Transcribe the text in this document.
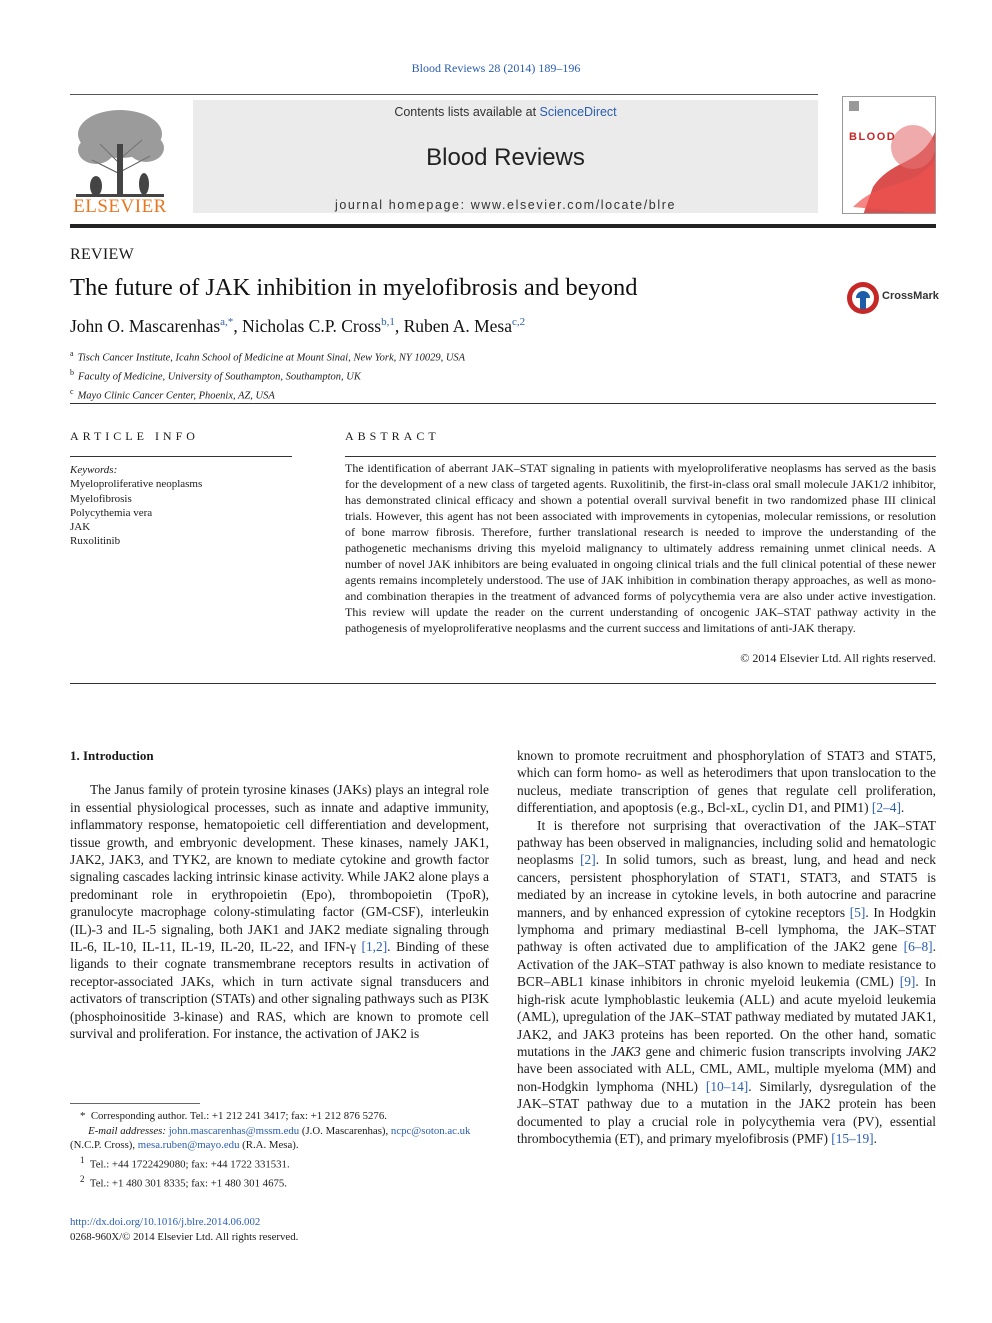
Blood Reviews 28 (2014) 189–196
ELSEVIER
Contents lists available at ScienceDirect
Blood Reviews
journal homepage: www.elsevier.com/locate/blre
BLOOD
REVIEW
The future of JAK inhibition in myelofibrosis and beyond	CrossMark
John O. Mascarenhas$^{a,*}$, Nicholas C.P. Cross$^{b,1}$, Ruben A. Mesa$^{c,2}$
$^a$ Tisch Cancer Institute, Icahn School of Medicine at Mount Sinai, New York, NY 10029, USA
$^b$ Faculty of Medicine, University of Southampton, Southampton, UK
$^c$ Mayo Clinic Cancer Center, Phoenix, AZ, USA
ARTICLE INFO
Keywords:
Myeloproliferative neoplasms
Myelofibrosis
Polycythemia vera
JAK
Ruxolitinib
ABSTRACT
The identification of aberrant JAK–STAT signaling in patients with myeloproliferative neoplasms has served as the basis for the development of a new class of targeted agents. Ruxolitinib, the first-in-class oral small molecule JAK1/2 inhibitor, has demonstrated clinical efficacy and shown a potential overall survival benefit in two randomized phase III clinical trials. However, this agent has not been associated with improvements in cytopenias, molecular remissions, or resolution of bone marrow fibrosis. Therefore, further translational research is needed to improve the understanding of the pathogenetic mechanisms driving this myeloid malignancy to ultimately address remaining unmet clinical needs. A number of novel JAK inhibitors are being evaluated in ongoing clinical trials and the full clinical potential of these newer agents remains incompletely understood. The use of JAK inhibition in combination therapy approaches, as well as mono- and combination therapies in the treatment of advanced forms of polycythemia vera are also under active investigation. This review will update the reader on the current understanding of oncogenic JAK–STAT pathway activity in the pathogenesis of myeloproliferative neoplasms and the current success and limitations of anti-JAK therapy.
© 2014 Elsevier Ltd. All rights reserved.
1. Introduction

The Janus family of protein tyrosine kinases (JAKs) plays an integral role in essential physiological processes, such as innate and adaptive immunity, inflammatory response, hematopoietic cell differentiation and development, tissue growth, and embryonic development. These kinases, namely JAK1, JAK2, JAK3, and TYK2, are known to mediate cytokine and growth factor signaling cascades lacking intrinsic kinase activity. While JAK2 alone plays a predominant role in erythropoietin (Epo), thrombopoietin (TpoR), granulocyte macrophage colony-stimulating factor (GM-CSF), interleukin (IL)-3 and IL-5 signaling, both JAK1 and JAK2 mediate signaling through IL-6, IL-10, IL-11, IL-19, IL-20, IL-22, and IFN-γ [1,2]. Binding of these ligands to their cognate transmembrane receptors results in activation of receptor-associated JAKs, which in turn activate signal transducers and activators of transcription (STATs) and other signaling pathways such as PI3K (phosphoinositide 3-kinase) and RAS, which are known to promote cell survival and proliferation. For instance, the activation of JAK2 is

known to promote recruitment and phosphorylation of STAT3 and STAT5, which can form homo- as well as heterodimers that upon translocation to the nucleus, mediate transcription of genes that regulate cell proliferation, differentiation, and apoptosis (e.g., Bcl-xL, cyclin D1, and PIM1) [2–4].

It is therefore not surprising that overactivation of the JAK–STAT pathway has been observed in malignancies, including solid and hematologic neoplasms [2]. In solid tumors, such as breast, lung, and head and neck cancers, persistent phosphorylation of STAT1, STAT3, and STAT5 is mediated by an increase in cytokine levels, in both autocrine and paracrine manners, and by enhanced expression of cytokine receptors [5]. In Hodgkin lymphoma and primary mediastinal B-cell lymphoma, the JAK–STAT pathway is often activated due to amplification of the JAK2 gene [6–8]. Activation of the JAK–STAT pathway is also known to mediate resistance to BCR–ABL1 kinase inhibitors in chronic myeloid leukemia (CML) [9]. In high-risk acute lymphoblastic leukemia (ALL) and acute myeloid leukemia (AML), upregulation of the JAK–STAT pathway mediated by mutated JAK1, JAK2, and JAK3 proteins has been reported. On the other hand, somatic mutations in the JAK3 gene and chimeric fusion transcripts involving JAK2 have been associated with ALL, CML, AML, multiple myeloma (MM) and non-Hodgkin lymphoma (NHL) [10–14]. Similarly, dysregulation of the JAK–STAT pathway due to a mutation in the JAK2 protein has been documented to play a crucial role in polycythemia vera (PV), essential thrombocythemia (ET), and primary myelofibrosis (PMF) [15–19].

* Corresponding author. Tel.: +1 212 241 3417; fax: +1 212 876 5276.
E-mail addresses: john.mascarenhas@mssm.edu (J.O. Mascarenhas), ncpc@soton.ac.uk
(N.C.P. Cross), mesa.ruben@mayo.edu (R.A. Mesa).
$^1$ Tel.: +44 1722429080; fax: +44 1722 331531.
$^2$ Tel.: +1 480 301 8335; fax: +1 480 301 4675.
http://dx.doi.org/10.1016/j.blre.2014.06.002
0268-960X/© 2014 Elsevier Ltd. All rights reserved.
